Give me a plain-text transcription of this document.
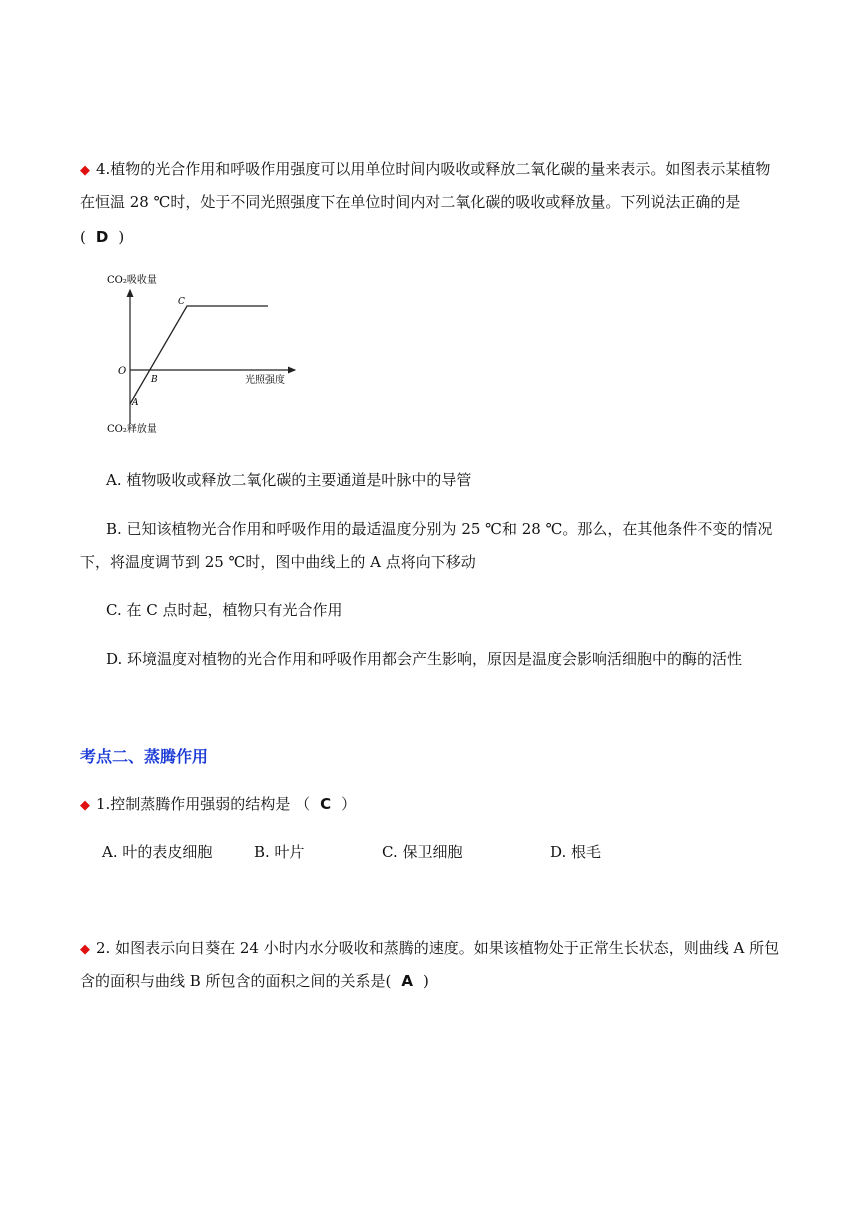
◆ 4.植物的光合作用和呼吸作用强度可以用单位时间内吸收或释放二氧化碳的量来表示。如图表示某植物
在恒温 28 ℃时，处于不同光照强度下在单位时间内对二氧化碳的吸收或释放量。下列说法正确的是
( D )
CO₂吸收量
CO₂释放量
光照强度
O
A
B
C
A. 植物吸收或释放二氧化碳的主要通道是叶脉中的导管
B. 已知该植物光合作用和呼吸作用的最适温度分别为 25 ℃和 28 ℃。那么，在其他条件不变的情况
下，将温度调节到 25 ℃时，图中曲线上的 A 点将向下移动
C. 在 C 点时起，植物只有光合作用
D. 环境温度对植物的光合作用和呼吸作用都会产生影响，原因是温度会影响活细胞中的酶的活性
考点二、蒸腾作用
◆ 1.控制蒸腾作用强弱的结构是 （ C ）
A. 叶的表皮细胞	B. 叶片	C. 保卫细胞	D. 根毛
◆ 2. 如图表示向日葵在 24 小时内水分吸收和蒸腾的速度。如果该植物处于正常生长状态，则曲线 A 所包
含的面积与曲线 B 所包含的面积之间的关系是( A )
